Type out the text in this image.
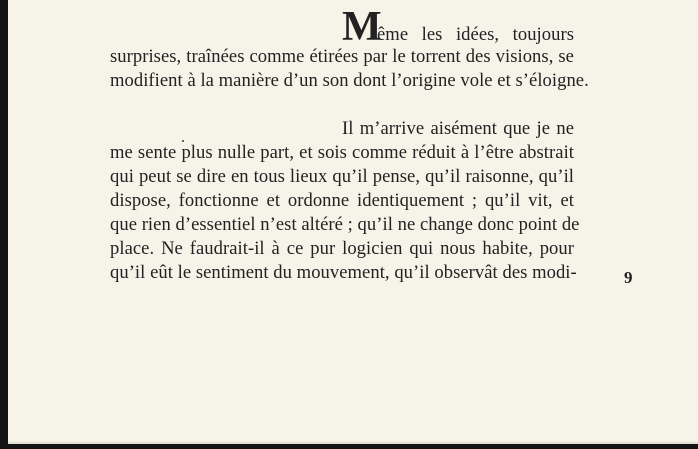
M
ême les idées, toujours
surprises, traînées comme étirées par le torrent des visions, se
modifient à la manière d’un son dont l’origine vole et s’éloigne.
Il m’arrive aisément que je ne
me sente plus nulle part, et sois comme réduit à l’être abstrait
qui peut se dire en tous lieux qu’il pense, qu’il raisonne, qu’il
dispose, fonctionne et ordonne identiquement ; qu’il vit, et
que rien d’essentiel n’est altéré ; qu’il ne change donc point de
place. Ne faudrait-il à ce pur logicien qui nous habite, pour
qu’il eût le sentiment du mouvement, qu’il observât des modi-	9
